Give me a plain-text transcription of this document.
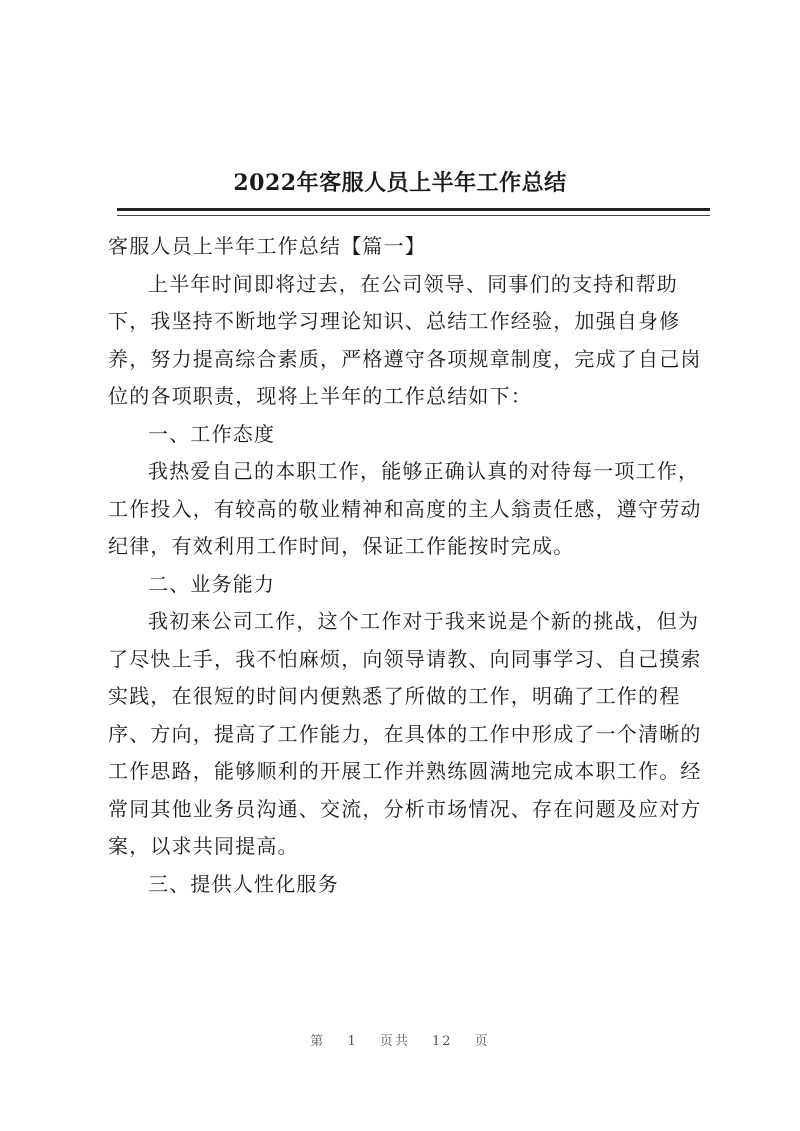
2022年客服人员上半年工作总结
客服人员上半年工作总结【篇一】
上半年时间即将过去，在公司领导、同事们的支持和帮助
下，我坚持不断地学习理论知识、总结工作经验，加强自身修
养，努力提高综合素质，严格遵守各项规章制度，完成了自己岗
位的各项职责，现将上半年的工作总结如下：
一、工作态度
我热爱自己的本职工作，能够正确认真的对待每一项工作，
工作投入，有较高的敬业精神和高度的主人翁责任感，遵守劳动
纪律，有效利用工作时间，保证工作能按时完成。
二、业务能力
我初来公司工作，这个工作对于我来说是个新的挑战，但为
了尽快上手，我不怕麻烦，向领导请教、向同事学习、自己摸索
实践，在很短的时间内便熟悉了所做的工作，明确了工作的程
序、方向，提高了工作能力，在具体的工作中形成了一个清晰的
工作思路，能够顺利的开展工作并熟练圆满地完成本职工作。经
常同其他业务员沟通、交流，分析市场情况、存在问题及应对方
案，以求共同提高。
三、提供人性化服务
第 1 页共 12 页
